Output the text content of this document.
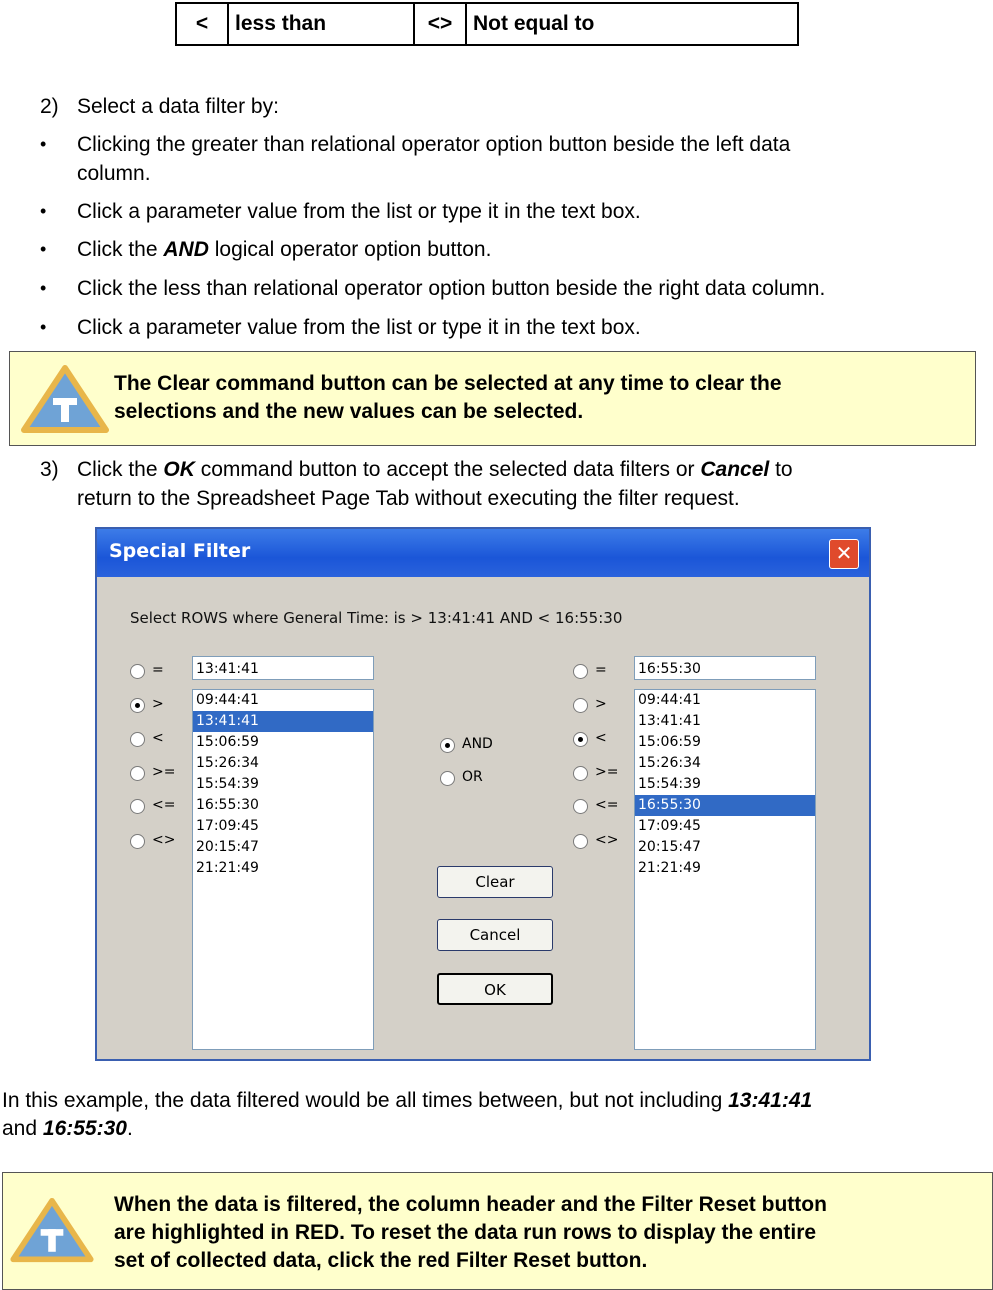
<	less than	<>	Not equal to
2) Select a data filter by:
• Clicking the greater than relational operator option button beside the left data
column.
• Click a parameter value from the list or type it in the text box.
• Click the AND logical operator option button.
• Click the less than relational operator option button beside the right data column.
• Click a parameter value from the list or type it in the text box.
The Clear command button can be selected at any time to clear the
selections and the new values can be selected.
3) Click the OK command button to accept the selected data filters or Cancel to
return to the Spreadsheet Page Tab without executing the filter request.
Special Filter	✕
Select ROWS where General Time: is > 13:41:41 AND < 16:55:30
=
>
<
>=
<=
<>
13:41:41
09:44:41
13:41:41
15:06:59
15:26:34
15:54:39
16:55:30
17:09:45
20:15:47
21:21:49
AND
OR
Clear
Cancel
OK
=
>
<
>=
<=
<>
16:55:30
09:44:41
13:41:41
15:06:59
15:26:34
15:54:39
16:55:30
17:09:45
20:15:47
21:21:49
In this example, the data filtered would be all times between, but not including 13:41:41
and 16:55:30.
When the data is filtered, the column header and the Filter Reset button
are highlighted in RED. To reset the data run rows to display the entire
set of collected data, click the red Filter Reset button.
